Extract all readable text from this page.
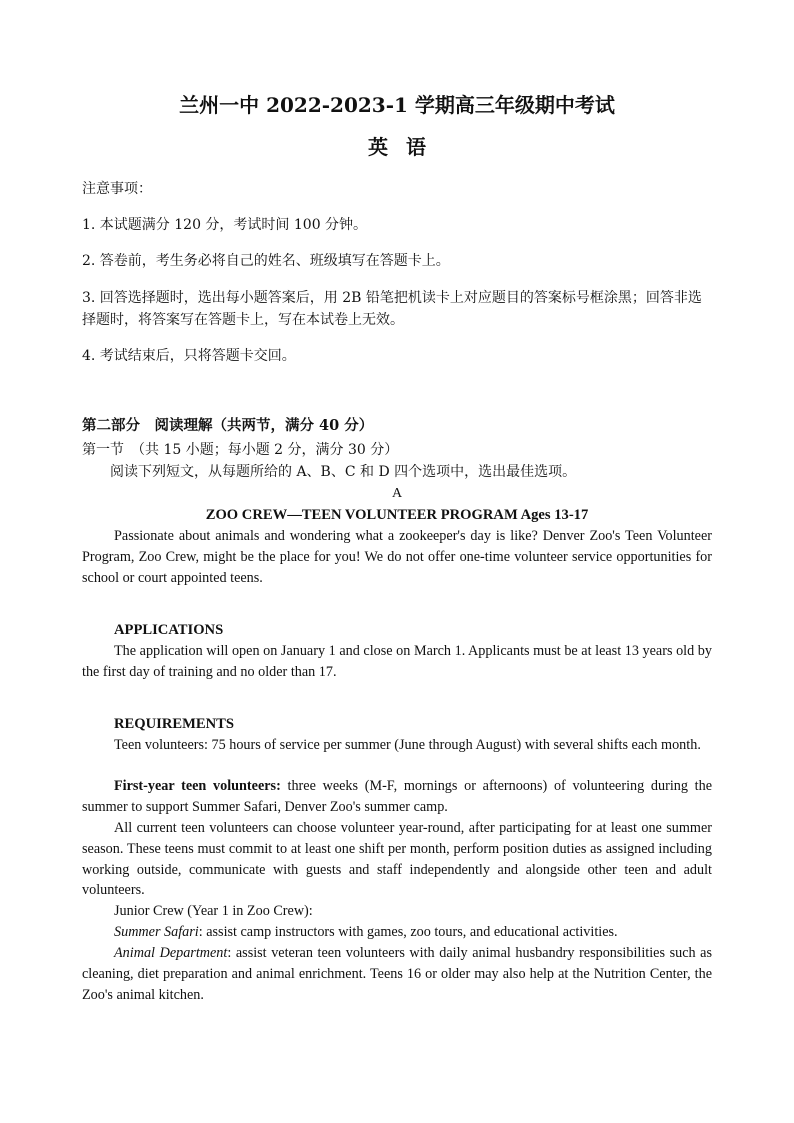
兰州一中 2022-2023-1 学期高三年级期中考试
英语
注意事项：
1. 本试题满分 120 分，考试时间 100 分钟。
2. 答卷前，考生务必将自己的姓名、班级填写在答题卡上。
3. 回答选择题时，选出每小题答案后，用 2B 铅笔把机读卡上对应题目的答案标号框涂黑；回答非选择题时，将答案写在答题卡上，写在本试卷上无效。
4. 考试结束后，只将答题卡交回。
第二部分　阅读理解（共两节，满分 40 分）
第一节　（共 15 小题；每小题 2 分，满分 30 分）
阅读下列短文，从每题所给的 A、B、C 和 D 四个选项中，选出最佳选项。
A
ZOO CREW—TEEN VOLUNTEER PROGRAM Ages 13-17

Passionate about animals and wondering what a zookeeper's day is like? Denver Zoo's Teen Volunteer Program, Zoo Crew, might be the place for you! We do not offer one-time volunteer service opportunities for school or court appointed teens.

APPLICATIONS

The application will open on January 1 and close on March 1. Applicants must be at least 13 years old by the first day of training and no older than 17.

REQUIREMENTS

Teen volunteers: 75 hours of service per summer (June through August) with several shifts each month.

First-year teen volunteers: three weeks (M-F, mornings or afternoons) of volunteering during the summer to support Summer Safari, Denver Zoo's summer camp.

All current teen volunteers can choose volunteer year-round, after participating for at least one summer season. These teens must commit to at least one shift per month, perform position duties as assigned including working outside, communicate with guests and staff independently and alongside other teen and adult volunteers.

Junior Crew (Year 1 in Zoo Crew):

Summer Safari: assist camp instructors with games, zoo tours, and educational activities.

Animal Department: assist veteran teen volunteers with daily animal husbandry responsibilities such as cleaning, diet preparation and animal enrichment. Teens 16 or older may also help at the Nutrition Center, the Zoo's animal kitchen.
